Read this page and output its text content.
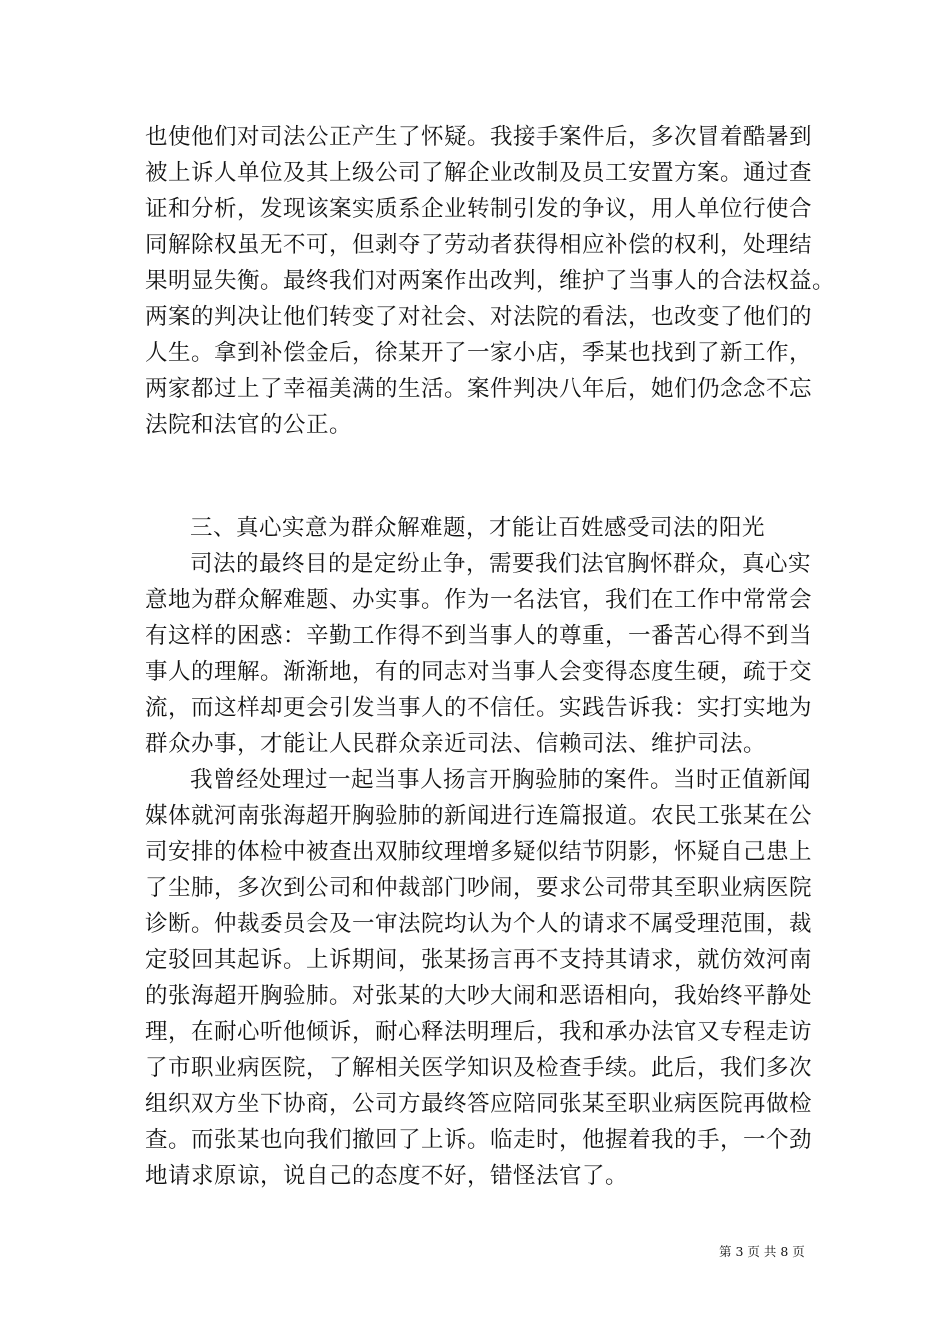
也使他们对司法公正产生了怀疑。我接手案件后，多次冒着酷暑到
被上诉人单位及其上级公司了解企业改制及员工安置方案。通过查
证和分析，发现该案实质系企业转制引发的争议，用人单位行使合
同解除权虽无不可，但剥夺了劳动者获得相应补偿的权利，处理结
果明显失衡。最终我们对两案作出改判，维护了当事人的合法权益。
两案的判决让他们转变了对社会、对法院的看法，也改变了他们的
人生。拿到补偿金后，徐某开了一家小店，季某也找到了新工作，
两家都过上了幸福美满的生活。案件判决八年后，她们仍念念不忘
法院和法官的公正。
三、真心实意为群众解难题，才能让百姓感受司法的阳光
司法的最终目的是定纷止争，需要我们法官胸怀群众，真心实
意地为群众解难题、办实事。作为一名法官，我们在工作中常常会
有这样的困惑：辛勤工作得不到当事人的尊重，一番苦心得不到当
事人的理解。渐渐地，有的同志对当事人会变得态度生硬，疏于交
流，而这样却更会引发当事人的不信任。实践告诉我：实打实地为
群众办事，才能让人民群众亲近司法、信赖司法、维护司法。
我曾经处理过一起当事人扬言开胸验肺的案件。当时正值新闻
媒体就河南张海超开胸验肺的新闻进行连篇报道。农民工张某在公
司安排的体检中被查出双肺纹理增多疑似结节阴影，怀疑自己患上
了尘肺，多次到公司和仲裁部门吵闹，要求公司带其至职业病医院
诊断。仲裁委员会及一审法院均认为个人的请求不属受理范围，裁
定驳回其起诉。上诉期间，张某扬言再不支持其请求，就仿效河南
的张海超开胸验肺。对张某的大吵大闹和恶语相向，我始终平静处
理，在耐心听他倾诉，耐心释法明理后，我和承办法官又专程走访
了市职业病医院，了解相关医学知识及检查手续。此后，我们多次
组织双方坐下协商，公司方最终答应陪同张某至职业病医院再做检
查。而张某也向我们撤回了上诉。临走时，他握着我的手，一个劲
地请求原谅，说自己的态度不好，错怪法官了。
第 3 页 共 8 页
